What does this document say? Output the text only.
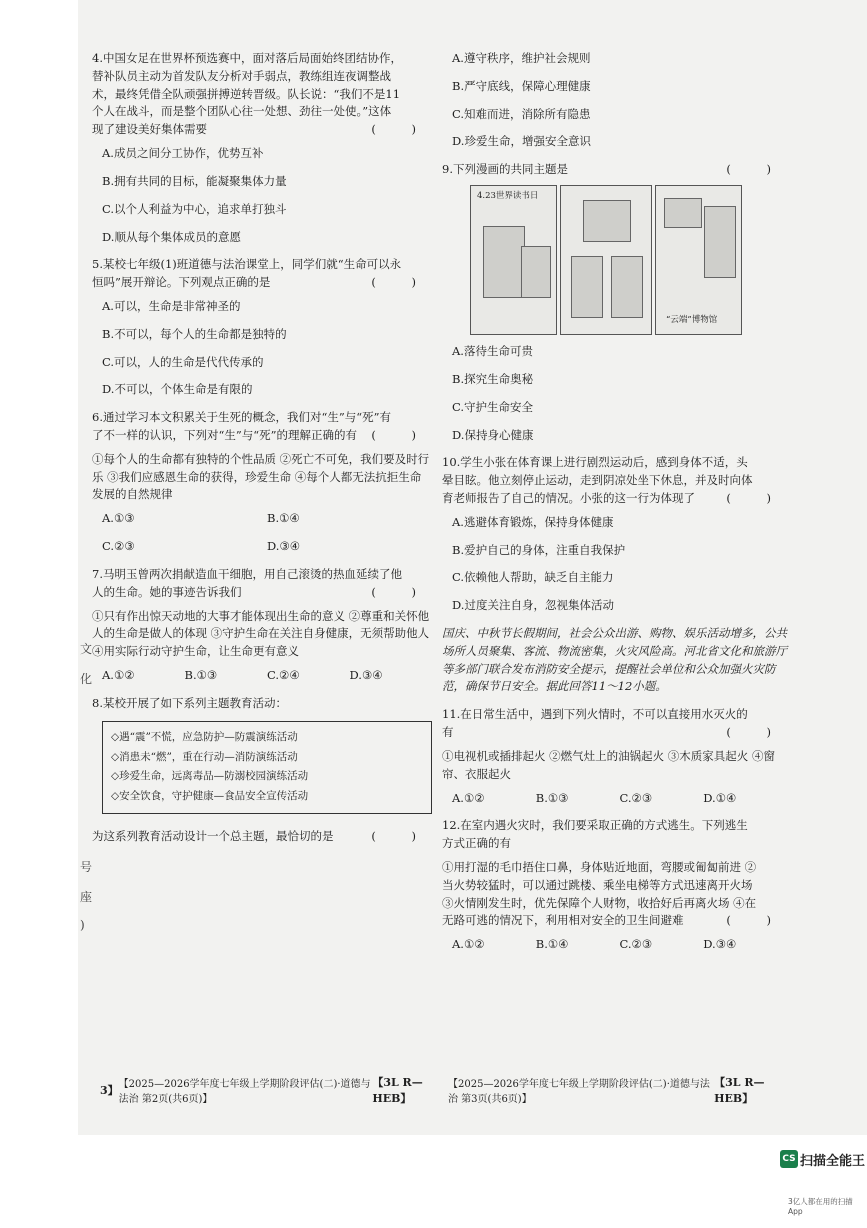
文
化
号
座
)
4.中国女足在世界杯预选赛中，面对落后局面始终团结协作，替补队员主动为首发队友分析对手弱点，教练组连夜调整战术，最终凭借全队顽强拼搏逆转晋级。队长说：“我们不是11个人在战斗，而是整个团队心往一处想、劲往一处使。”这体现了建设美好集体需要	( )
A.成员之间分工协作，优势互补
B.拥有共同的目标，能凝聚集体力量
C.以个人利益为中心，追求单打独斗
D.顺从每个集体成员的意愿
5.某校七年级(1)班道德与法治课堂上，同学们就“生命可以永恒吗”展开辩论。下列观点正确的是	( )
A.可以，生命是非常神圣的
B.不可以，每个人的生命都是独特的
C.可以，人的生命是代代传承的
D.不可以，个体生命是有限的
6.通过学习本文积累关于生死的概念，我们对“生”与“死”有了不一样的认识，下列对“生”与“死”的理解正确的有	( )
①每个人的生命都有独特的个性品质 ②死亡不可免，我们要及时行乐 ③我们应感恩生命的获得，珍爱生命 ④每个人都无法抗拒生命发展的自然规律
A.①③	B.①④
C.②③	D.③④
7.马明玉曾两次捐献造血干细胞，用自己滚烫的热血延续了他人的生命。她的事迹告诉我们	( )
①只有作出惊天动地的大事才能体现出生命的意义 ②尊重和关怀他人的生命是做人的体现 ③守护生命在关注自身健康，无须帮助他人 ④用实际行动守护生命，让生命更有意义
A.①②	B.①③	C.②④	D.③④
8.某校开展了如下系列主题教育活动：
◇遇“震”不慌，应急防护—防震演练活动
◇消患未“燃”，重在行动—消防演练活动
◇珍爱生命，远离毒品—防溺校园演练活动
◇安全饮食，守护健康—食品安全宣传活动
为这系列教育活动设计一个总主题，最恰切的是	( )
A.遵守秩序，维护社会规则
B.严守底线，保障心理健康
C.知难而进，消除所有隐患
D.珍爱生命，增强安全意识
9.下列漫画的共同主题是	( )
4.23世界读书日
“云端”博物馆
A.落待生命可贵
B.探究生命奥秘
C.守护生命安全
D.保持身心健康
10.学生小张在体育课上进行剧烈运动后，感到身体不适，头晕目眩。他立刻停止运动，走到阴凉处坐下休息，并及时向体育老师报告了自己的情况。小张的这一行为体现了	( )
A.逃避体育锻炼，保持身体健康
B.爱护自己的身体，注重自我保护
C.依赖他人帮助，缺乏自主能力
D.过度关注自身，忽视集体活动
国庆、中秋节长假期间，社会公众出游、购物、娱乐活动增多，公共场所人员聚集、客流、物流密集，火灾风险高。河北省文化和旅游厅等多部门联合发布消防安全提示，提醒社会单位和公众加强火灾防范，确保节日安全。据此回答11～12小题。
11.在日常生活中，遇到下列火情时，不可以直接用水灭火的有	( )
①电视机或插排起火 ②燃气灶上的油锅起火 ③木质家具起火 ④窗帘、衣服起火
A.①②	B.①③	C.②③	D.①④
12.在室内遇火灾时，我们要采取正确的方式逃生。下列逃生方式正确的有
①用打湿的毛巾捂住口鼻，身体贴近地面，弯腰或匍匐前进 ②当火势较猛时，可以通过跳楼、乘坐电梯等方式迅速离开火场 ③火情刚发生时，优先保障个人财物，收拾好后再离火场 ④在无路可逃的情况下，利用相对安全的卫生间避难	( )
A.①②	B.①④	C.②③	D.③④
3】 【2025—2026学年度七年级上学期阶段评估(二)·道德与法治 第2页(共6页)】
【3L R—HEB】
【2025—2026学年度七年级上学期阶段评估(二)·道德与法治 第3页(共6页)】
【3L R—HEB】
CS 扫描全能王
3亿人都在用的扫描App
